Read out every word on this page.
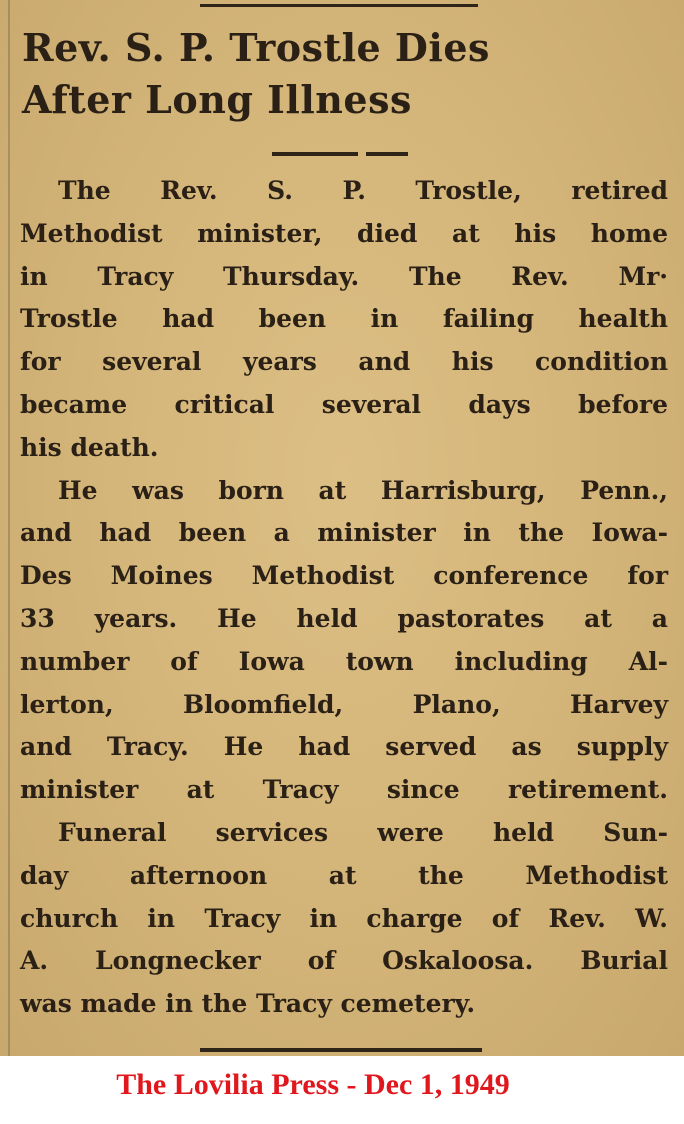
Rev. S. P. Trostle Dies
After Long Illness
The Rev. S. P. Trostle, retired
Methodist minister, died at his home
in Tracy Thursday. The Rev. Mr·
Trostle had been in failing health
for several years and his condition
became critical several days before
his death.
He was born at Harrisburg, Penn.,
and had been a minister in the Iowa-
Des Moines Methodist conference for
33 years. He held pastorates at a
number of Iowa town including Al-
lerton, Bloomfield, Plano, Harvey
and Tracy. He had served as supply
minister at Tracy since retirement.
Funeral services were held Sun-
day afternoon at the Methodist
church in Tracy in charge of Rev. W.
A. Longnecker of Oskaloosa. Burial
was made in the Tracy cemetery.
The Lovilia Press - Dec 1, 1949
